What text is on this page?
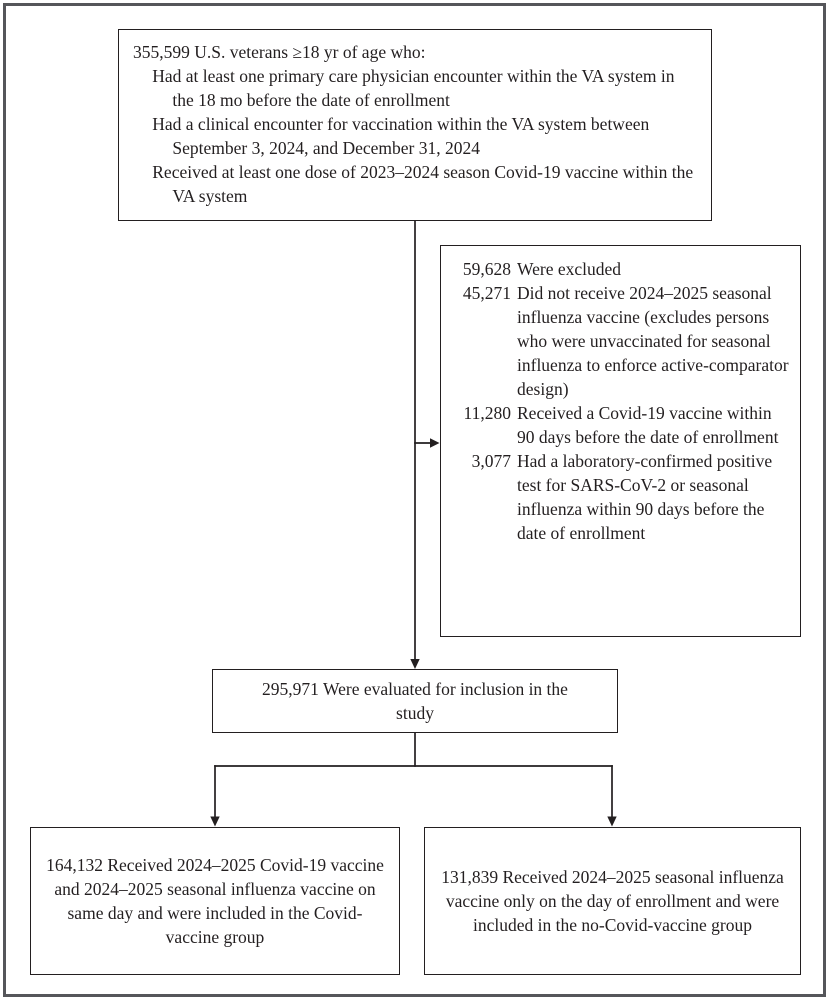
355,599 U.S. veterans ≥18 yr of age who:
Had at least one primary care physician encounter within the VA system in the 18 mo before the date of enrollment
Had a clinical encounter for vaccination within the VA system between September 3, 2024, and December 31, 2024
Received at least one dose of 2023–2024 season Covid-19 vaccine within the VA system
59,628 Were excluded
45,271 Did not receive 2024–2025 seasonal influenza vaccine (excludes persons who were unvaccinated for seasonal influenza to enforce active-comparator design)
11,280 Received a Covid-19 vaccine within 90 days before the date of enrollment
3,077 Had a laboratory-confirmed positive test for SARS-CoV-2 or seasonal influenza within 90 days before the date of enrollment
295,971 Were evaluated for inclusion in the study
164,132 Received 2024–2025 Covid-19 vaccine and 2024–2025 seasonal influenza vaccine on same day and were included in the Covid-vaccine group
131,839 Received 2024–2025 seasonal influenza vaccine only on the day of enrollment and were included in the no-Covid-vaccine group
